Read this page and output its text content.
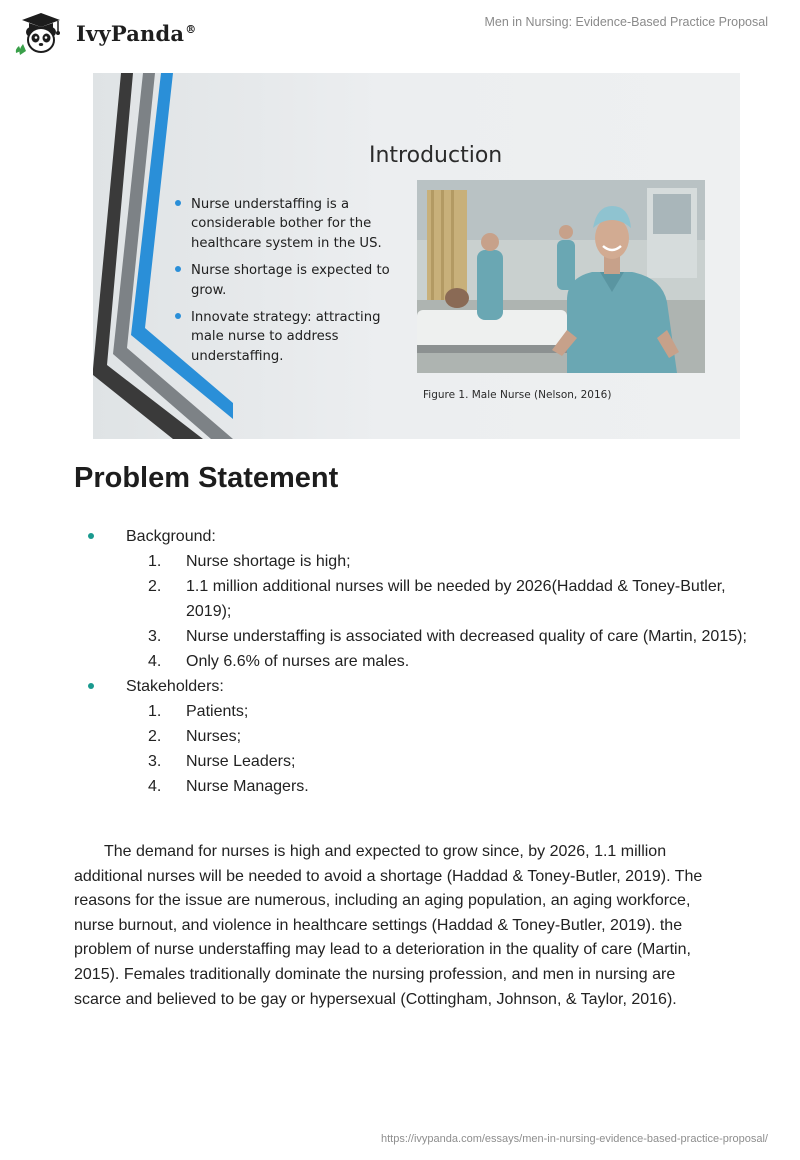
IvyPanda®	Men in Nursing: Evidence-Based Practice Proposal
Introduction
Nurse understaffing is a considerable bother for the healthcare system in the US.
Nurse shortage is expected to grow.
Innovate strategy: attracting male nurse to address understaffing.
Figure 1. Male Nurse (Nelson, 2016)
Problem Statement
Background:
1. Nurse shortage is high;
2. 1.1 million additional nurses will be needed by 2026(Haddad & Toney-Butler, 2019);
3. Nurse understaffing is associated with decreased quality of care (Martin, 2015);
4. Only 6.6% of nurses are males.
Stakeholders:
1. Patients;
2. Nurses;
3. Nurse Leaders;
4. Nurse Managers.

The demand for nurses is high and expected to grow since, by 2026, 1.1 million additional nurses will be needed to avoid a shortage (Haddad & Toney-Butler, 2019). The reasons for the issue are numerous, including an aging population, an aging workforce, nurse burnout, and violence in healthcare settings (Haddad & Toney-Butler, 2019). the problem of nurse understaffing may lead to a deterioration in the quality of care (Martin, 2015). Females traditionally dominate the nursing profession, and men in nursing are scarce and believed to be gay or hypersexual (Cottingham, Johnson, & Taylor, 2016).

https://ivypanda.com/essays/men-in-nursing-evidence-based-practice-proposal/
